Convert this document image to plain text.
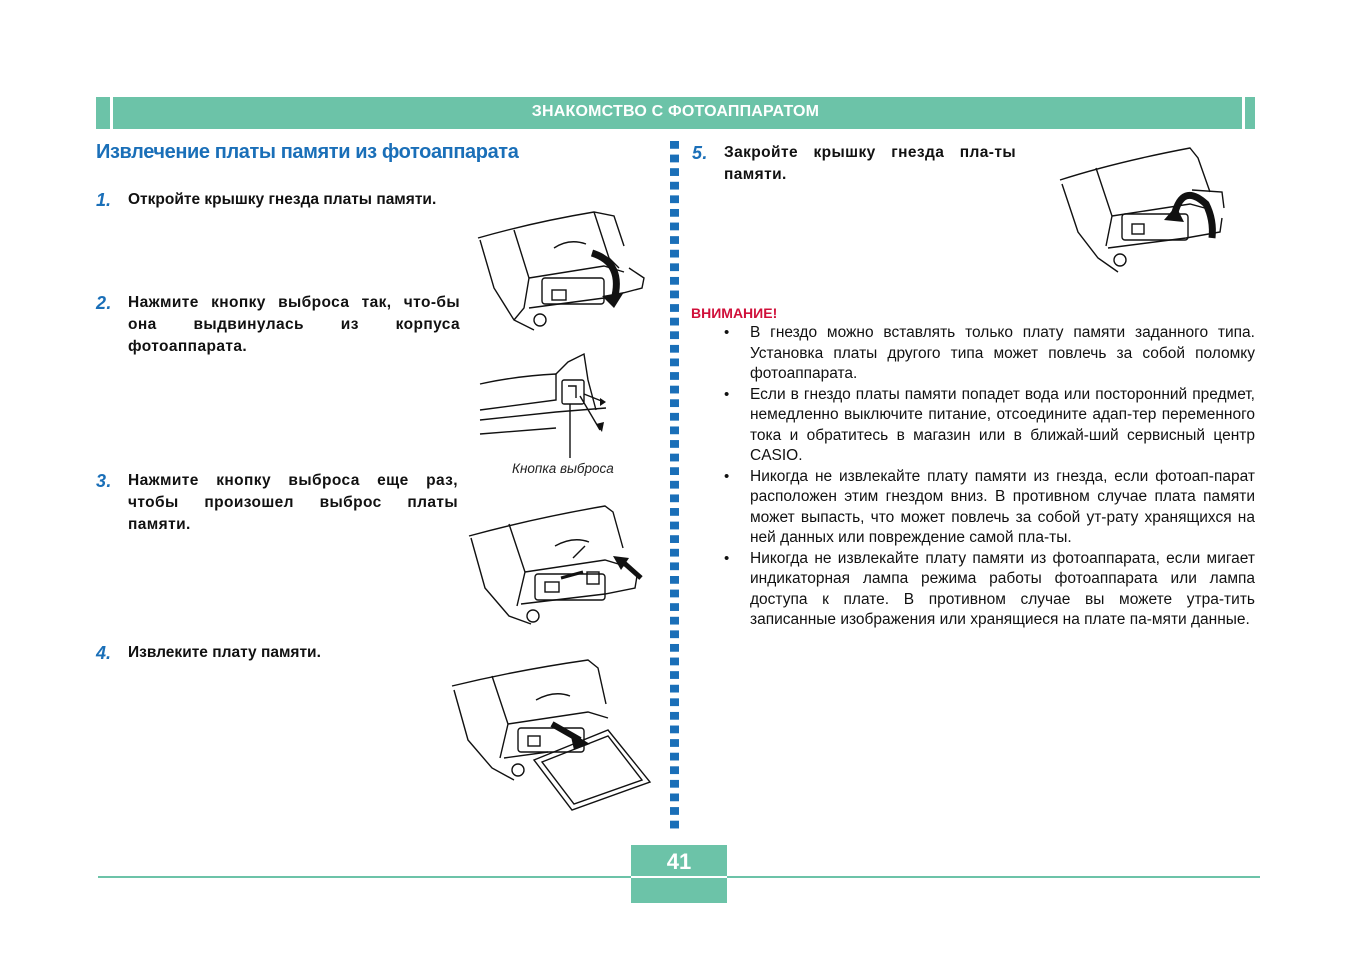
ЗНАКОМСТВО С ФОТОАППАРАТОМ
Извлечение платы памяти из фотоаппарата
1. Откройте крышку гнезда платы памяти.
2. Нажмите кнопку выброса так, что-бы она выдвинулась из корпуса фотоаппарата.
3. Нажмите кнопку выброса еще раз, чтобы произошел выброс платы памяти.
4. Извлеките плату памяти.
5. Закройте крышку гнезда пла-ты памяти.
Кнопка выброса
ВНИМАНИЕ!
• В гнездо можно вставлять только плату памяти заданного типа. Установка платы другого типа может повлечь за собой поломку фотоаппарата.
• Если в гнездо платы памяти попадет вода или посторонний предмет, немедленно выключите питание, отсоедините адап-тер переменного тока и обратитесь в магазин или в ближай-ший сервисный центр CASIO.
• Никогда не извлекайте плату памяти из гнезда, если фотоап-парат расположен этим гнездом вниз. В противном случае плата памяти может выпасть, что может повлечь за собой ут-рату хранящихся на ней данных или повреждение самой пла-ты.
• Никогда не извлекайте плату памяти из фотоаппарата, если мигает индикаторная лампа режима работы фотоаппарата или лампа доступа к плате. В противном случае вы можете утра-тить записанные изображения или хранящиеся на плате па-мяти данные.
41
